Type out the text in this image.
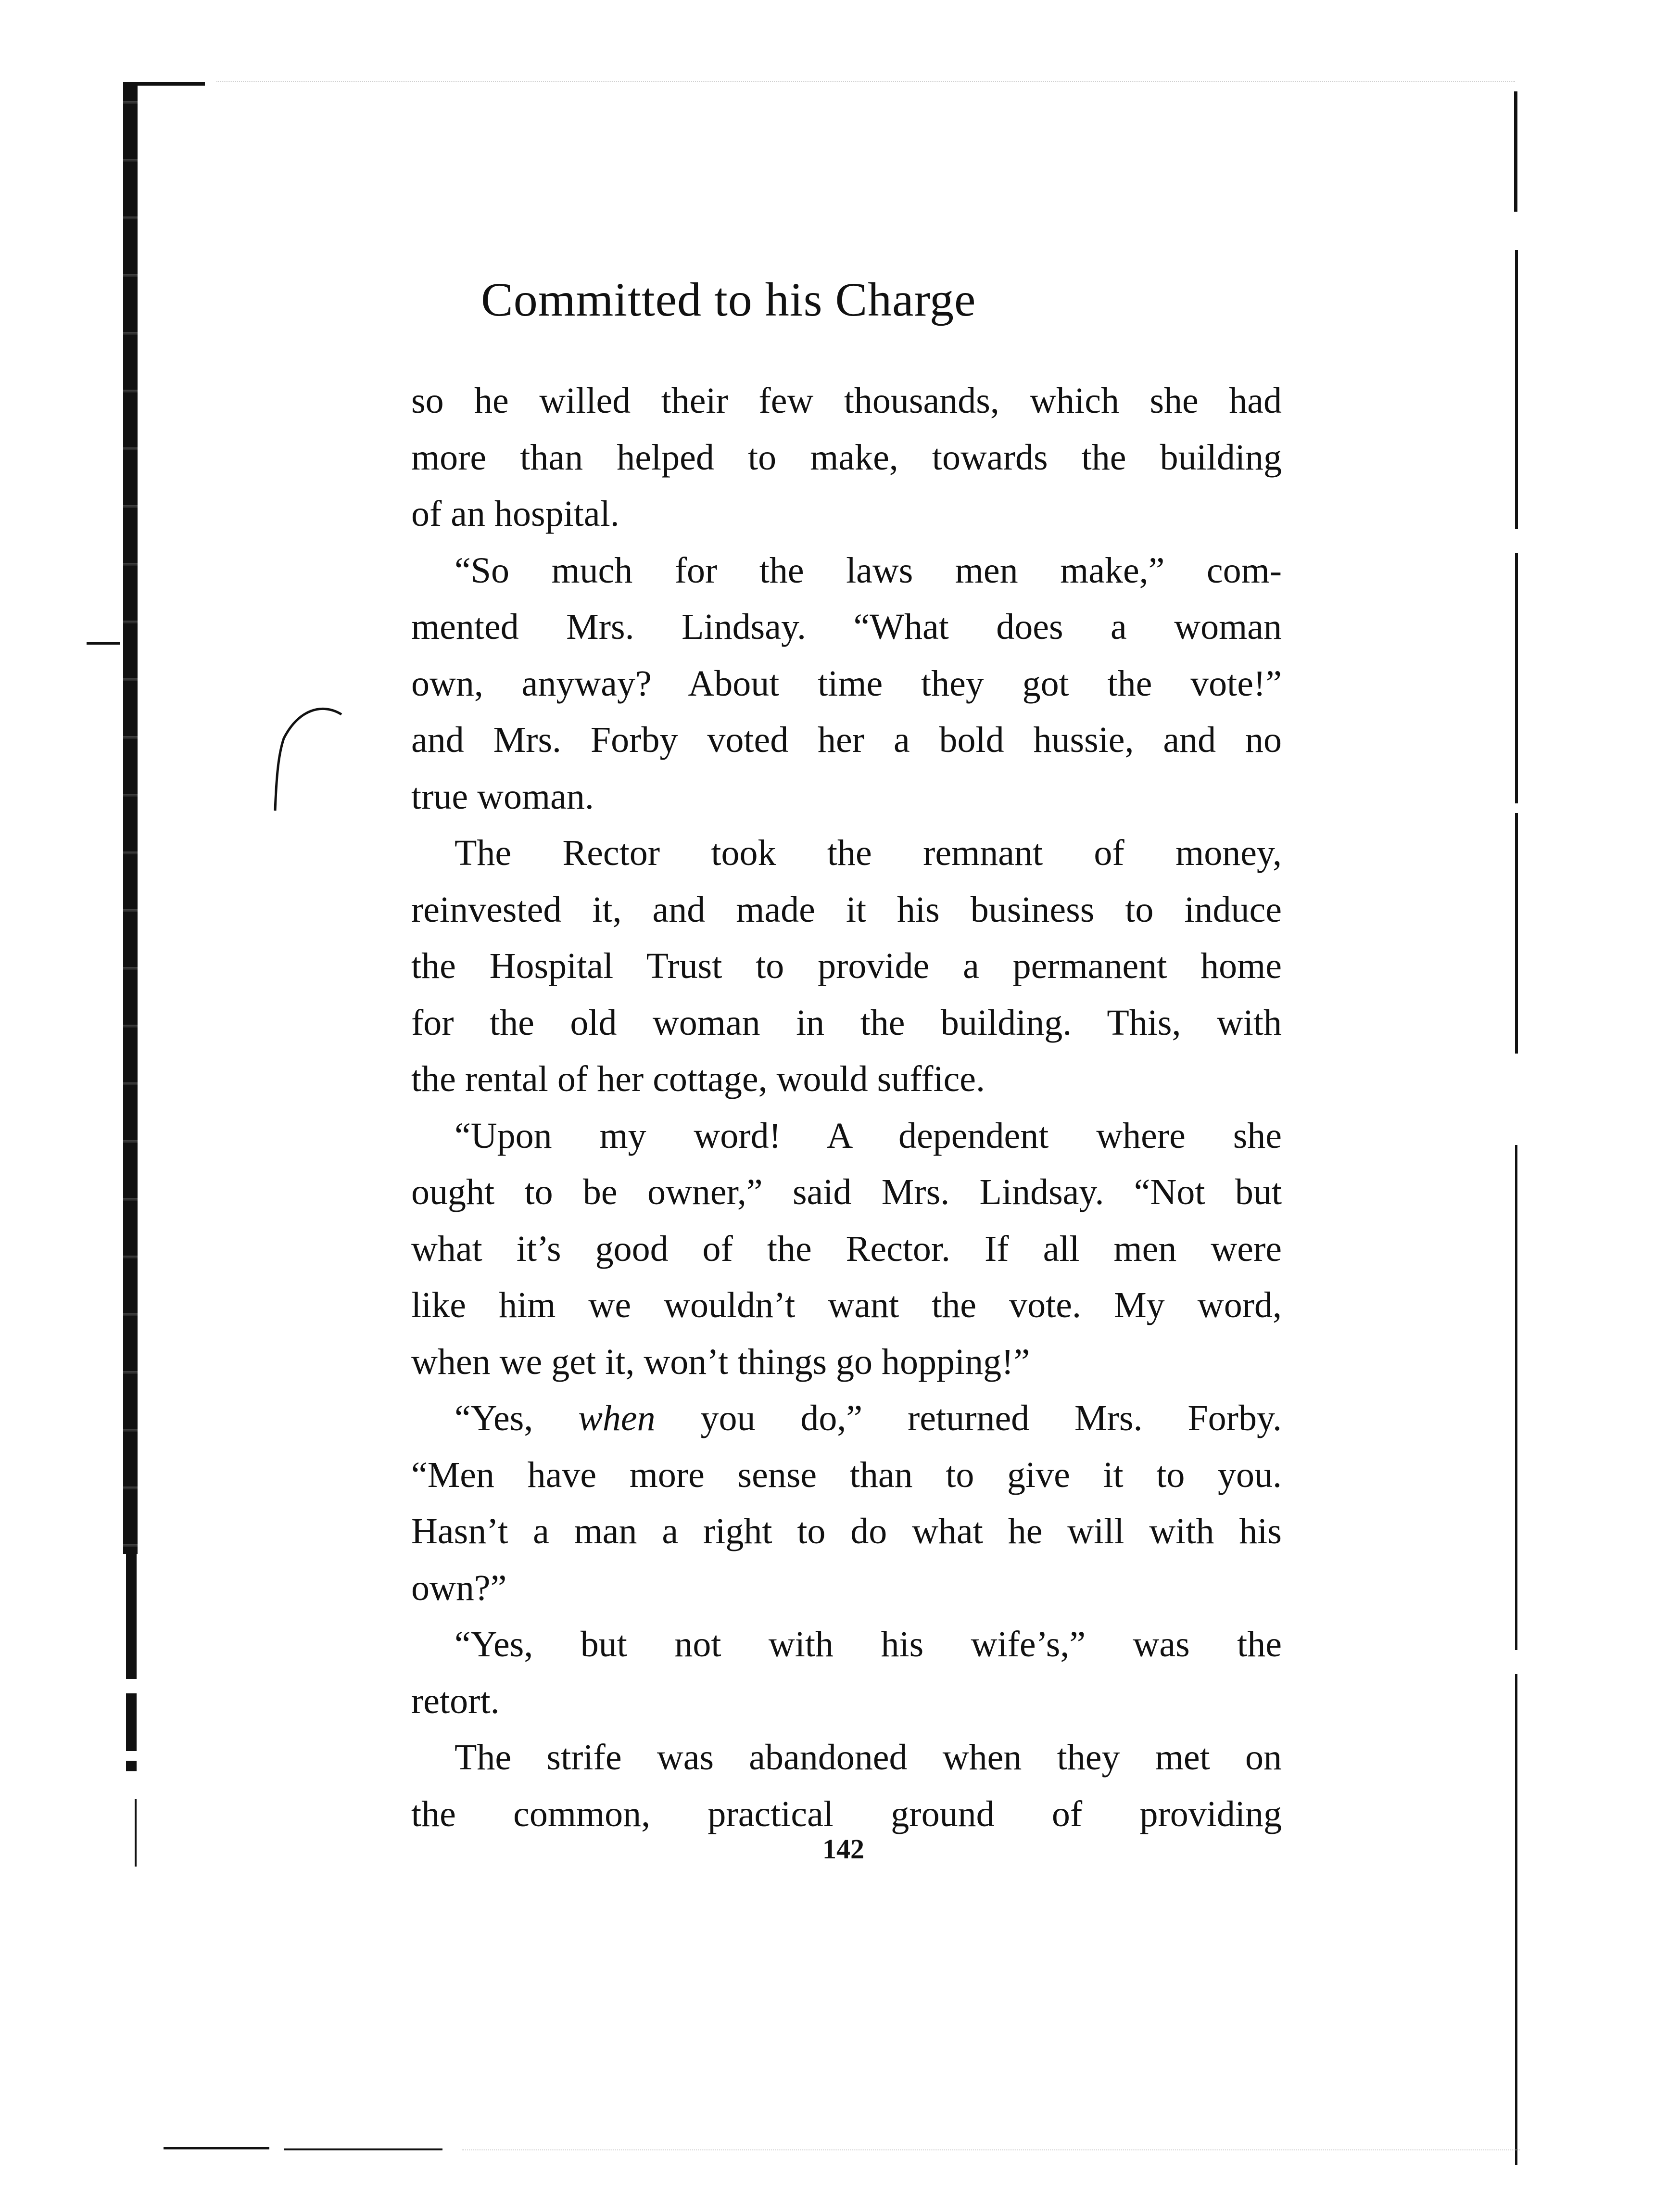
Committed to his Charge
so he willed their few thousands, which she had
more than helped to make, towards the building
of an hospital.
“So much for the laws men make,” com-
mented Mrs. Lindsay. “What does a woman
own, anyway? About time they got the vote!”
and Mrs. Forby voted her a bold hussie, and no
true woman.
The Rector took the remnant of money,
reinvested it, and made it his business to induce
the Hospital Trust to provide a permanent home
for the old woman in the building. This, with
the rental of her cottage, would suffice.
“Upon my word! A dependent where she
ought to be owner,” said Mrs. Lindsay. “Not but
what it’s good of the Rector. If all men were
like him we wouldn’t want the vote. My word,
when we get it, won’t things go hopping!”
“Yes, when you do,” returned Mrs. Forby.
“Men have more sense than to give it to you.
Hasn’t a man a right to do what he will with his
own?”
“Yes, but not with his wife’s,” was the
retort.
The strife was abandoned when they met on
the common, practical ground of providing
142
